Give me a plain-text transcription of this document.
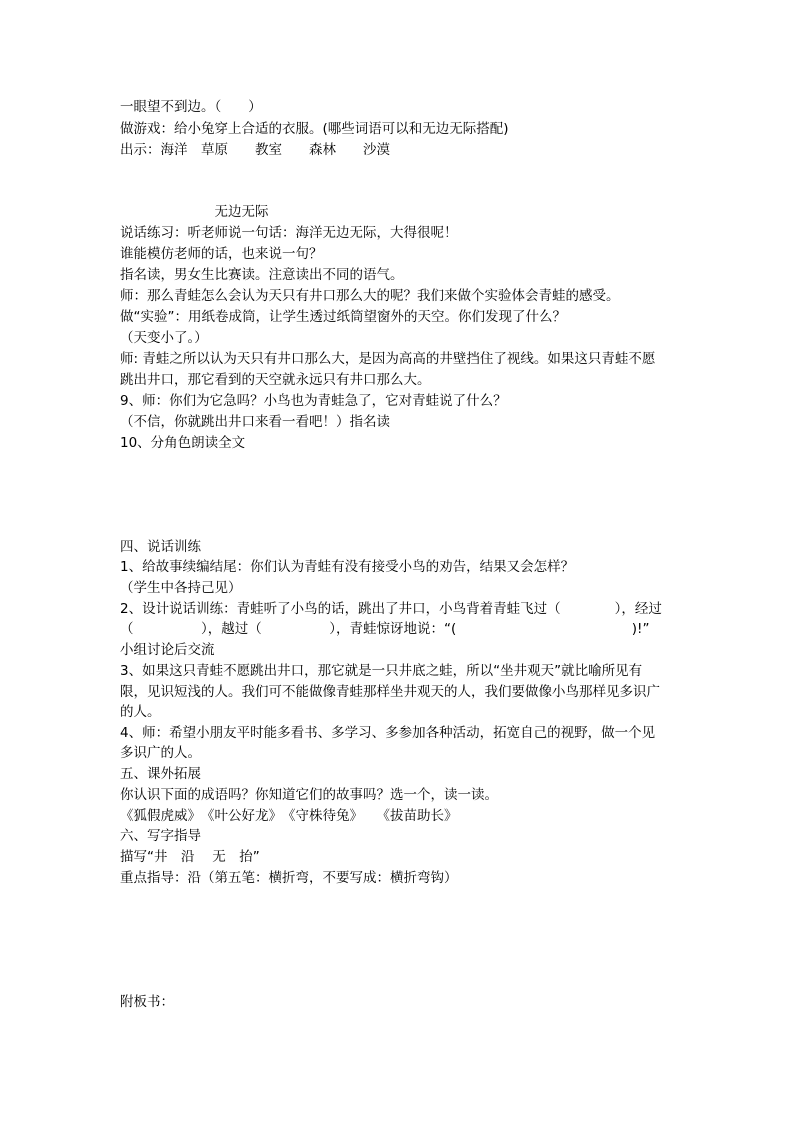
一眼望不到边。（　　）
做游戏：给小兔穿上合适的衣服。(哪些词语可以和无边无际搭配)
出示：海洋　草原　　教室　　森林　　沙漠
　　　　　　　无边无际
说话练习：听老师说一句话：海洋无边无际，大得很呢！
谁能模仿老师的话，也来说一句？
指名读，男女生比赛读。注意读出不同的语气。
师：那么青蛙怎么会认为天只有井口那么大的呢？我们来做个实验体会青蛙的感受。
做“实验”：用纸卷成筒，让学生透过纸筒望窗外的天空。你们发现了什么？
（天变小了。）
师: 青蛙之所以认为天只有井口那么大，是因为高高的井壁挡住了视线。如果这只青蛙不愿
跳出井口，那它看到的天空就永远只有井口那么大。
9、师：你们为它急吗？小鸟也为青蛙急了，它对青蛙说了什么？
（不信，你就跳出井口来看一看吧！）指名读
10、分角色朗读全文
四、说话训练
1、给故事续编结尾：你们认为青蛙有没有接受小鸟的劝告，结果又会怎样？
（学生中各持己见）
2、设计说话训练：青蛙听了小鸟的话，跳出了井口，小鸟背着青蛙飞过（　　　　），经过
（　　　　　），越过（　　　　　），青蛙惊讶地说：“(　　　　　　　　　　　　　)!”
小组讨论后交流
3、如果这只青蛙不愿跳出井口，那它就是一只井底之蛙，所以“坐井观天”就比喻所见有
限，见识短浅的人。我们可不能做像青蛙那样坐井观天的人，我们要做像小鸟那样见多识广
的人。
4、师：希望小朋友平时能多看书、多学习、多参加各种活动，拓宽自己的视野，做一个见
多识广的人。
五、课外拓展
你认识下面的成语吗？你知道它们的故事吗？选一个，读一读。
《狐假虎威》　《叶公好龙》　《守株待兔》　　《拔苗助长》
六、写字指导
描写“井　沿　 无　抬”
重点指导：沿（第五笔：横折弯，不要写成：横折弯钩）
附板书：
